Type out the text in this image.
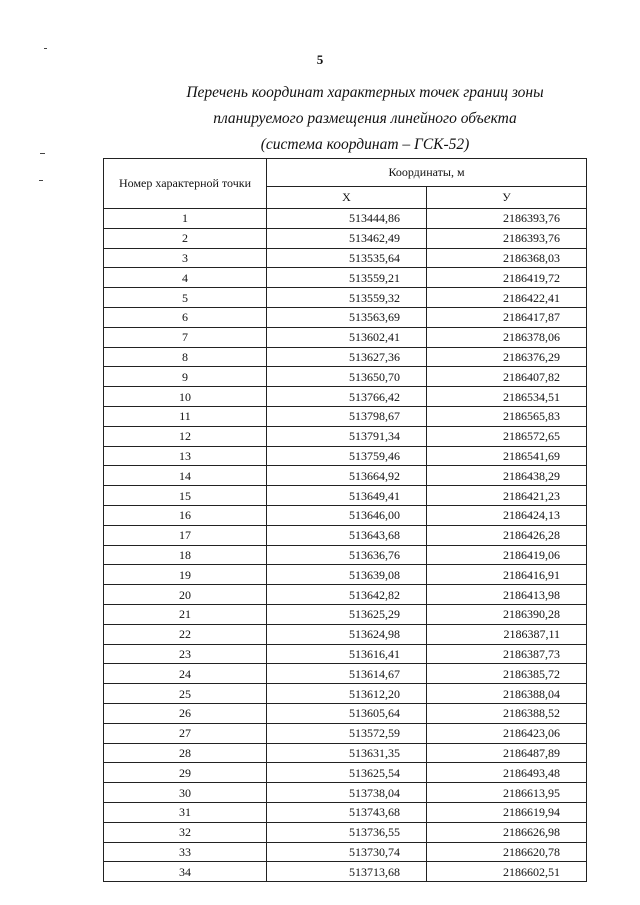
5
Перечень координат характерных точек границ зоны
планируемого размещения линейного объекта
(система координат – ГСК-52)
Номер характерной точки	Координаты, м	
	X	У
1	513444,86	2186393,76
2	513462,49	2186393,76
3	513535,64	2186368,03
4	513559,21	2186419,72
5	513559,32	2186422,41
6	513563,69	2186417,87
7	513602,41	2186378,06
8	513627,36	2186376,29
9	513650,70	2186407,82
10	513766,42	2186534,51
11	513798,67	2186565,83
12	513791,34	2186572,65
13	513759,46	2186541,69
14	513664,92	2186438,29
15	513649,41	2186421,23
16	513646,00	2186424,13
17	513643,68	2186426,28
18	513636,76	2186419,06
19	513639,08	2186416,91
20	513642,82	2186413,98
21	513625,29	2186390,28
22	513624,98	2186387,11
23	513616,41	2186387,73
24	513614,67	2186385,72
25	513612,20	2186388,04
26	513605,64	2186388,52
27	513572,59	2186423,06
28	513631,35	2186487,89
29	513625,54	2186493,48
30	513738,04	2186613,95
31	513743,68	2186619,94
32	513736,55	2186626,98
33	513730,74	2186620,78
34	513713,68	2186602,51
